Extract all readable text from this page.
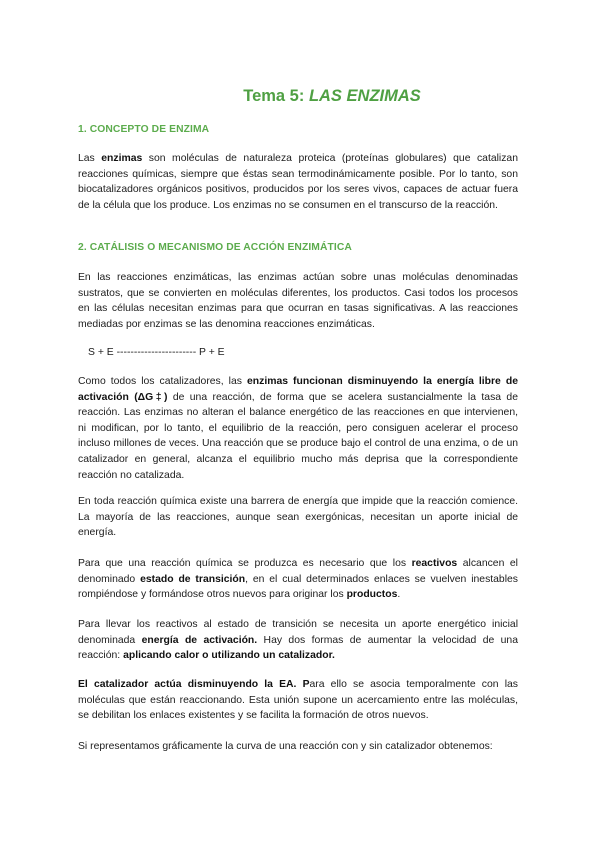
Tema 5: LAS ENZIMAS
1. CONCEPTO DE ENZIMA
Las enzimas son moléculas de naturaleza proteica (proteínas globulares) que catalizan reacciones químicas, siempre que éstas sean termodinámicamente posible. Por lo tanto, son biocatalizadores orgánicos positivos, producidos por los seres vivos, capaces de actuar fuera de la célula que los produce. Los enzimas no se consumen en el transcurso de la reacción.
2. CATÁLISIS O MECANISMO DE ACCIÓN ENZIMÁTICA
En las reacciones enzimáticas, las enzimas actúan sobre unas moléculas denominadas sustratos, que se convierten en moléculas diferentes, los productos. Casi todos los procesos en las células necesitan enzimas para que ocurran en tasas significativas. A las reacciones mediadas por enzimas se las denomina reacciones enzimáticas.
S + E ----------------------- P + E
Como todos los catalizadores, las enzimas funcionan disminuyendo la energía libre de activación (ΔG‡) de una reacción, de forma que se acelera sustancialmente la tasa de reacción. Las enzimas no alteran el balance energético de las reacciones en que intervienen, ni modifican, por lo tanto, el equilibrio de la reacción, pero consiguen acelerar el proceso incluso millones de veces. Una reacción que se produce bajo el control de una enzima, o de un catalizador en general, alcanza el equilibrio mucho más deprisa que la correspondiente reacción no catalizada.
En toda reacción química existe una barrera de energía que impide que la reacción comience. La mayoría de las reacciones, aunque sean exergónicas, necesitan un aporte inicial de energía.
Para que una reacción química se produzca es necesario que los reactivos alcancen el denominado estado de transición, en el cual determinados enlaces se vuelven inestables rompiéndose y formándose otros nuevos para originar los productos.
Para llevar los reactivos al estado de transición se necesita un aporte energético inicial denominada energía de activación. Hay dos formas de aumentar la velocidad de una reacción: aplicando calor o utilizando un catalizador.
El catalizador actúa disminuyendo la EA. Para ello se asocia temporalmente con las moléculas que están reaccionando. Esta unión supone un acercamiento entre las moléculas, se debilitan los enlaces existentes y se facilita la formación de otros nuevos.
Si representamos gráficamente la curva de una reacción con y sin catalizador obtenemos:
